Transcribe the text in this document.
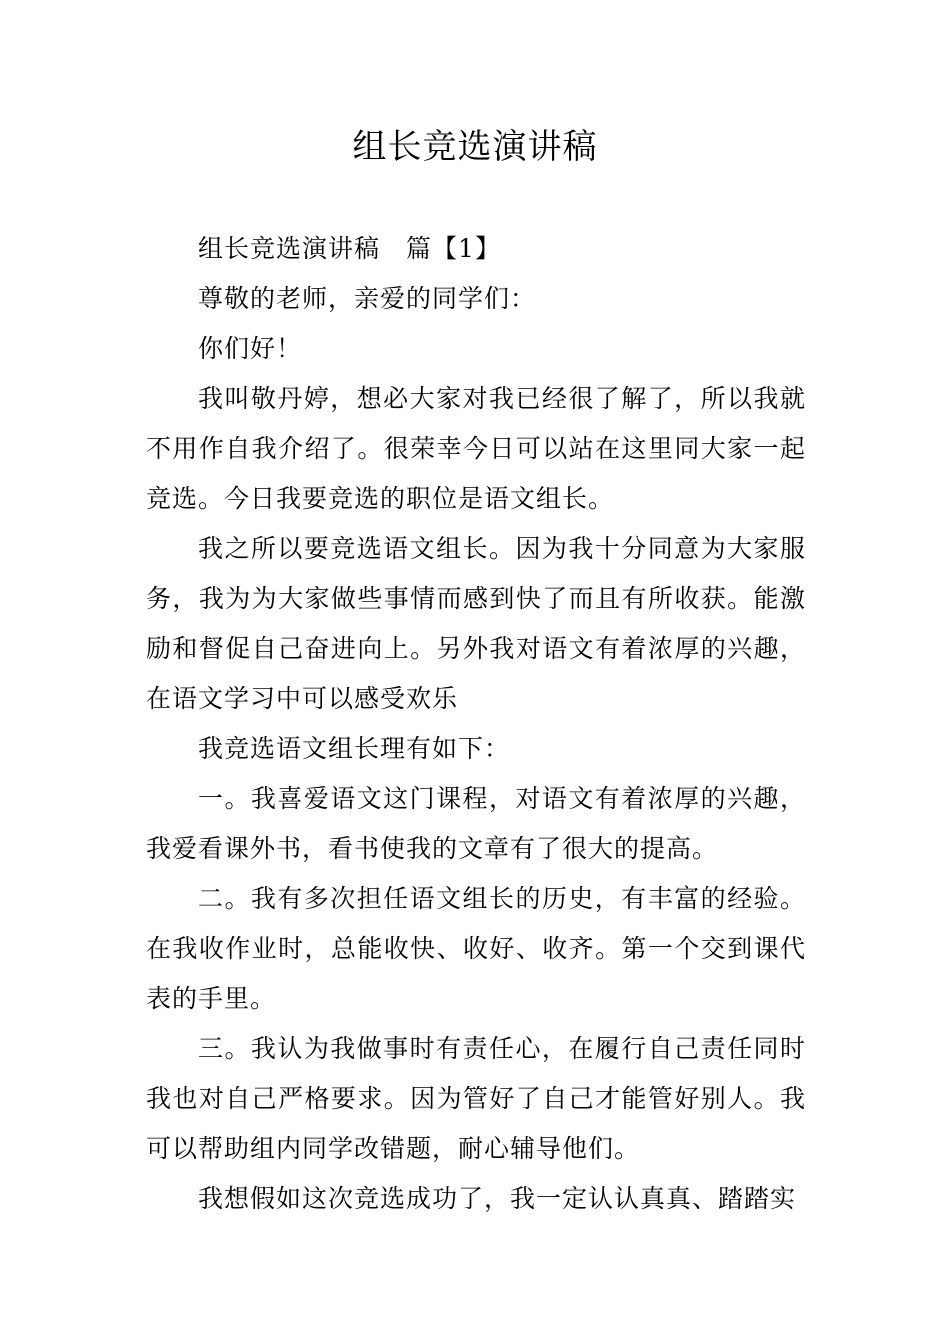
组长竞选演讲稿

组长竞选演讲稿 篇【1】

尊敬的老师，亲爱的同学们：

你们好！

我叫敬丹婷，想必大家对我已经很了解了，所以我就不用作自我介绍了。很荣幸今日可以站在这里同大家一起竞选。今日我要竞选的职位是语文组长。

我之所以要竞选语文组长。因为我十分同意为大家服务，我为为大家做些事情而感到快了而且有所收获。能激励和督促自己奋进向上。另外我对语文有着浓厚的兴趣，在语文学习中可以感受欢乐

我竞选语文组长理有如下：

一。我喜爱语文这门课程，对语文有着浓厚的兴趣，我爱看课外书，看书使我的文章有了很大的提高。

二。我有多次担任语文组长的历史，有丰富的经验。在我收作业时，总能收快、收好、收齐。第一个交到课代表的手里。

三。我认为我做事时有责任心，在履行自己责任同时我也对自己严格要求。因为管好了自己才能管好别人。我可以帮助组内同学改错题，耐心辅导他们。

我想假如这次竞选成功了，我一定认认真真、踏踏实
